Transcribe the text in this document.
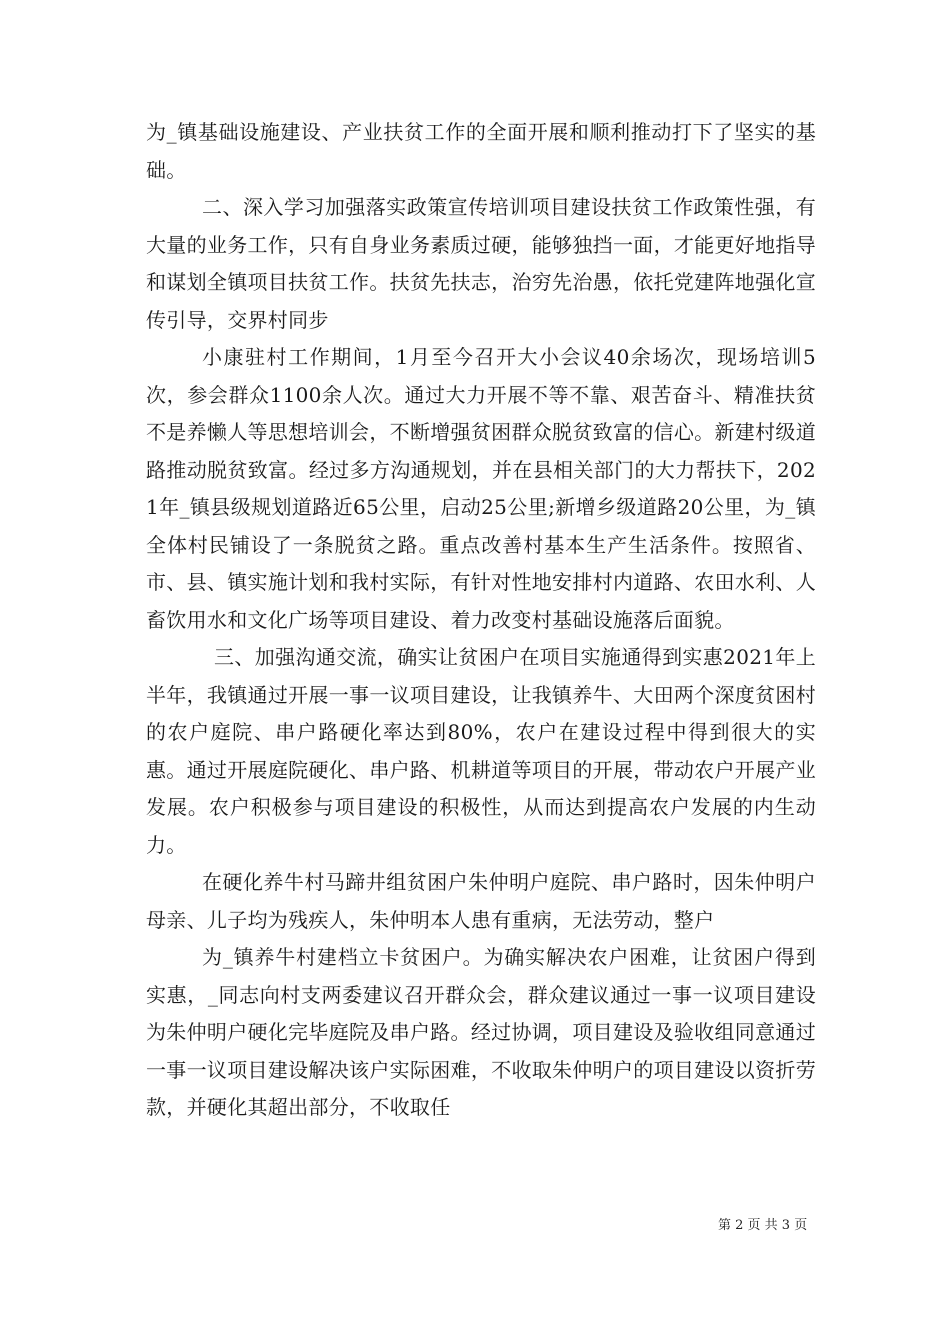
为_镇基础设施建设、产业扶贫工作的全面开展和顺利推动打下了坚实的基础。

二、深入学习加强落实政策宣传培训项目建设扶贫工作政策性强，有大量的业务工作，只有自身业务素质过硬，能够独挡一面，才能更好地指导和谋划全镇项目扶贫工作。扶贫先扶志，治穷先治愚，依托党建阵地强化宣传引导，交界村同步

小康驻村工作期间，1月至今召开大小会议40余场次，现场培训5次，参会群众1100余人次。通过大力开展不等不靠、艰苦奋斗、精准扶贫不是养懒人等思想培训会，不断增强贫困群众脱贫致富的信心。新建村级道路推动脱贫致富。经过多方沟通规划，并在县相关部门的大力帮扶下，2021年_镇县级规划道路近65公里，启动25公里;新增乡级道路20公里，为_镇全体村民铺设了一条脱贫之路。重点改善村基本生产生活条件。按照省、市、县、镇实施计划和我村实际，有针对性地安排村内道路、农田水利、人畜饮用水和文化广场等项目建设、着力改变村基础设施落后面貌。

三、加强沟通交流，确实让贫困户在项目实施通得到实惠2021年上半年，我镇通过开展一事一议项目建设，让我镇养牛、大田两个深度贫困村的农户庭院、串户路硬化率达到80%，农户在建设过程中得到很大的实惠。通过开展庭院硬化、串户路、机耕道等项目的开展，带动农户开展产业发展。农户积极参与项目建设的积极性，从而达到提高农户发展的内生动力。

在硬化养牛村马蹄井组贫困户朱仲明户庭院、串户路时，因朱仲明户母亲、儿子均为残疾人，朱仲明本人患有重病，无法劳动，整户

为_镇养牛村建档立卡贫困户。为确实解决农户困难，让贫困户得到实惠，_同志向村支两委建议召开群众会，群众建议通过一事一议项目建设为朱仲明户硬化完毕庭院及串户路。经过协调，项目建设及验收组同意通过一事一议项目建设解决该户实际困难，不收取朱仲明户的项目建设以资折劳款，并硬化其超出部分，不收取任

第 2 页 共 3 页
